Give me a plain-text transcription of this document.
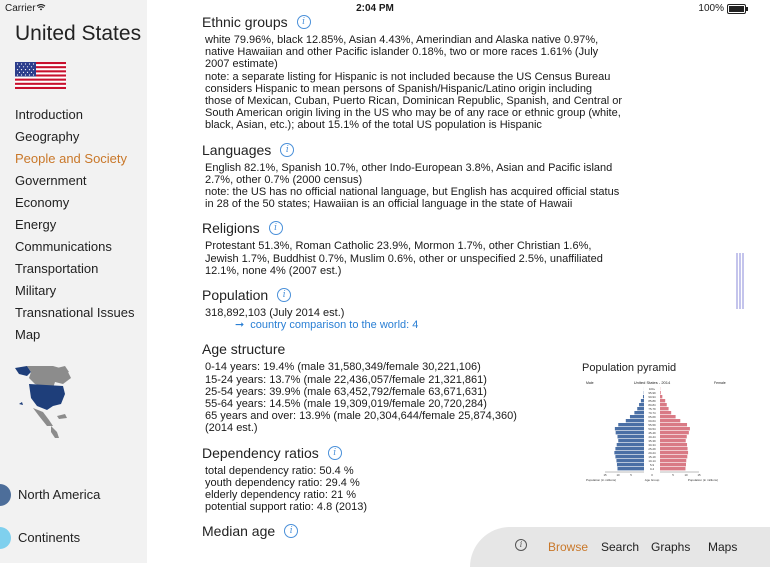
Carrier	2:04 PM	100%
United States
Introduction
Geography
People and Society
Government
Economy
Energy
Communications
Transportation
Military
Transnational Issues
Map
North America
Continents
Ethnic groups	i

white 79.96%, black 12.85%, Asian 4.43%, Amerindian and Alaska native 0.97%, native Hawaiian and other Pacific islander 0.18%, two or more races 1.61% (July 2007 estimate)

note: a separate listing for Hispanic is not included because the US Census Bureau considers Hispanic to mean persons of Spanish/Hispanic/Latino origin including those of Mexican, Cuban, Puerto Rican, Dominican Republic, Spanish, and Central or South American origin living in the US who may be of any race or ethnic group (white, black, Asian, etc.); about 15.1% of the total US population is Hispanic

Languages	i

English 82.1%, Spanish 10.7%, other Indo-European 3.8%, Asian and Pacific island 2.7%, other 0.7% (2000 census)

note: the US has no official national language, but English has acquired official status in 28 of the 50 states; Hawaiian is an official language in the state of Hawaii

Religions	i

Protestant 51.3%, Roman Catholic 23.9%, Mormon 1.7%, other Christian 1.6%, Jewish 1.7%, Buddhist 0.7%, Muslim 0.6%, other or unspecified 2.5%, unaffiliated 12.1%, none 4% (2007 est.)

Population	i

318,892,103 (July 2014 est.)

➞ country comparison to the world: 4

Age structure

0-14 years: 19.4% (male 31,580,349/female 30,221,106)

15-24 years: 13.7% (male 22,436,057/female 21,321,861)

25-54 years: 39.9% (male 63,452,792/female 63,671,631)

55-64 years: 14.5% (male 19,309,019/female 20,720,284)

65 years and over: 13.9% (male 20,304,644/female 25,874,360)

(2014 est.)

Dependency ratios	i

total dependency ratio: 50.4 %

youth dependency ratio: 29.4 %

elderly dependency ratio: 21 %

potential support ratio: 4.8 (2013)

Median age	i
Population pyramid
United States - 2014
Male	Female
100+
95-99
90-94
85-89
80-84
75-79
70-74
65-69
60-64
55-59
50-54
45-49
40-44
35-39
30-34
25-29
20-24
15-19
10-14
5-9
0-4
15	10	5	0	5	10	15
Population (in millions)	Age Group	Population (in millions)
i	Browse Search Graphs Maps
